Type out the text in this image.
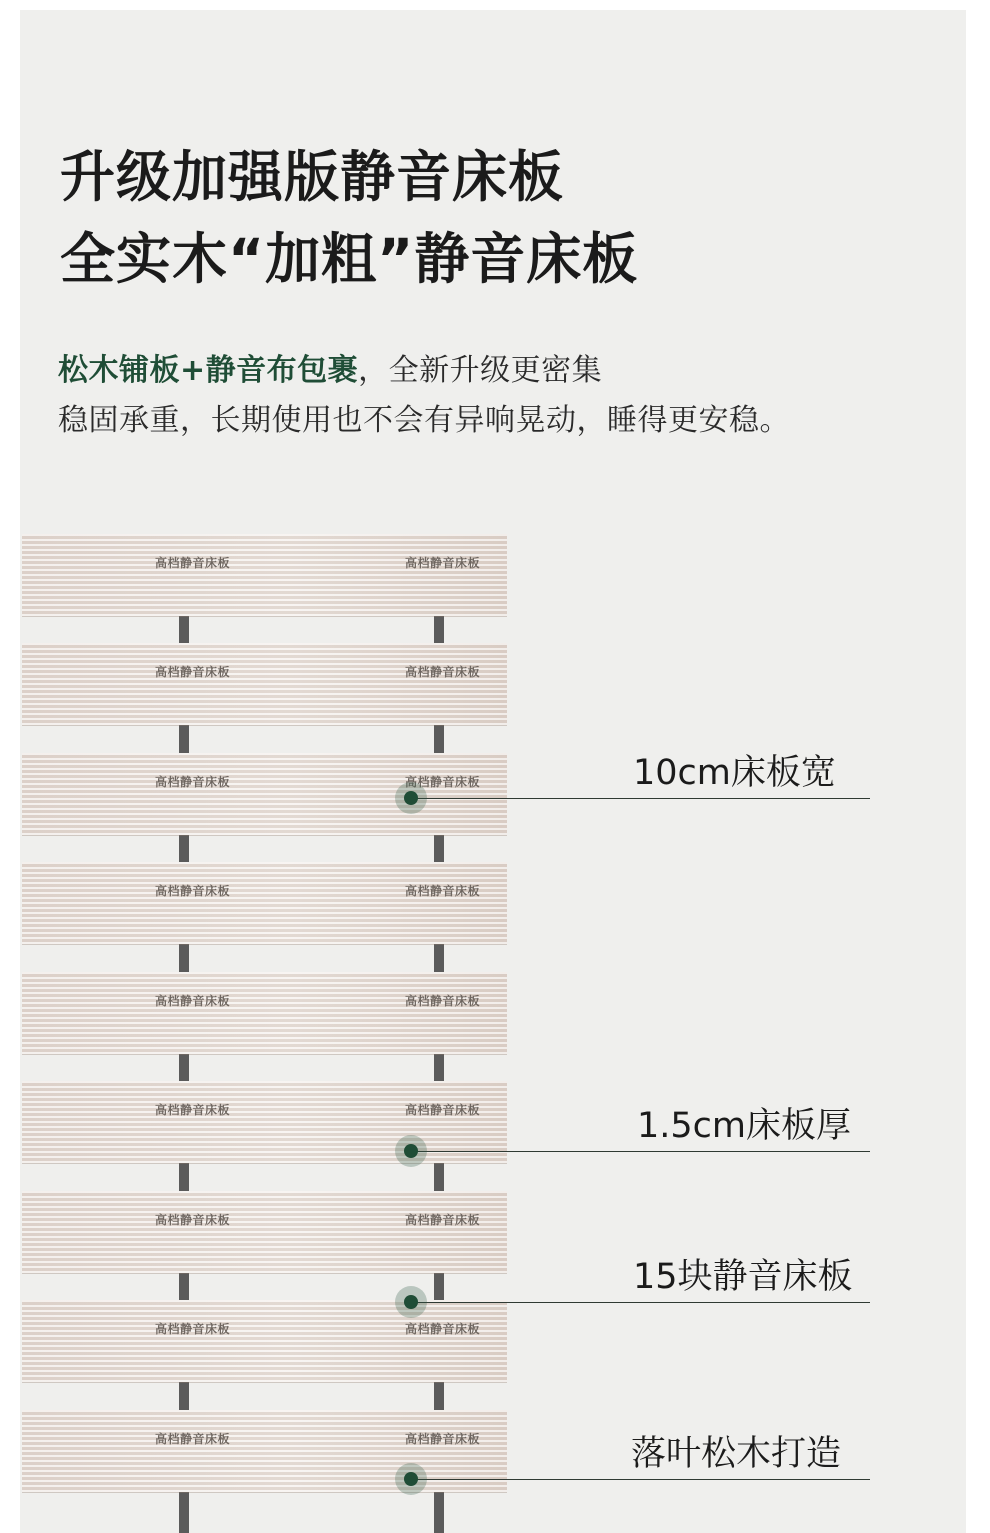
升级加强版静音床板
全实木“加粗”静音床板

松木铺板+静音布包裹，全新升级更密集

稳固承重，长期使用也不会有异响晃动，睡得更安稳。

高档静音床板	高档静音床板
高档静音床板	高档静音床板
高档静音床板	高档静音床板
高档静音床板	高档静音床板
高档静音床板	高档静音床板
高档静音床板	高档静音床板
高档静音床板	高档静音床板
高档静音床板	高档静音床板
高档静音床板	高档静音床板
10cm床板宽
1.5cm床板厚
15块静音床板
落叶松木打造
